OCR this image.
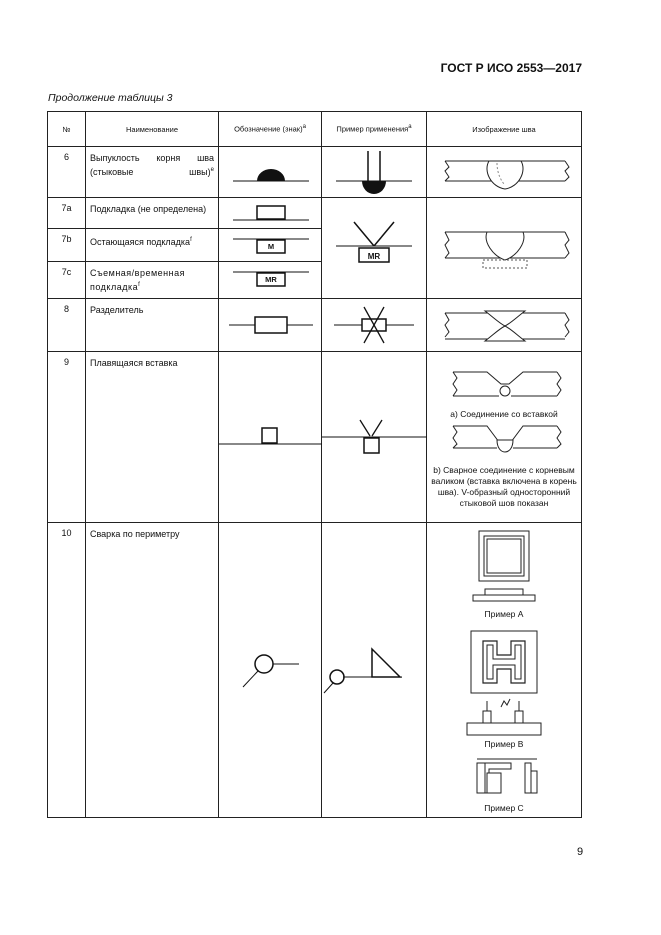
ГОСТ Р ИСО 2553—2017
Продолжение таблицы 3
№	Наименование	Обозначение (знак)$^a$	Пример применения$^a$	Изображение шва
6	Выпуклость корня шва (стыковые швы)$^e$

7a	Подкладка (не определена)		MR

7b	Остающаяся подкладка$^f$	M		

7c	Съемная/временная подкладка$^f$	MR		

8	Разделитель	

9	Плавящаяся вставка			а) Соединение со вставкой
b) Сварное соединение с корневым валиком (вставка включена в корень шва). V-образный односторонний стыковой шов показан

10	Сварка по периметру			Пример A
Пример B
Пример C
9
